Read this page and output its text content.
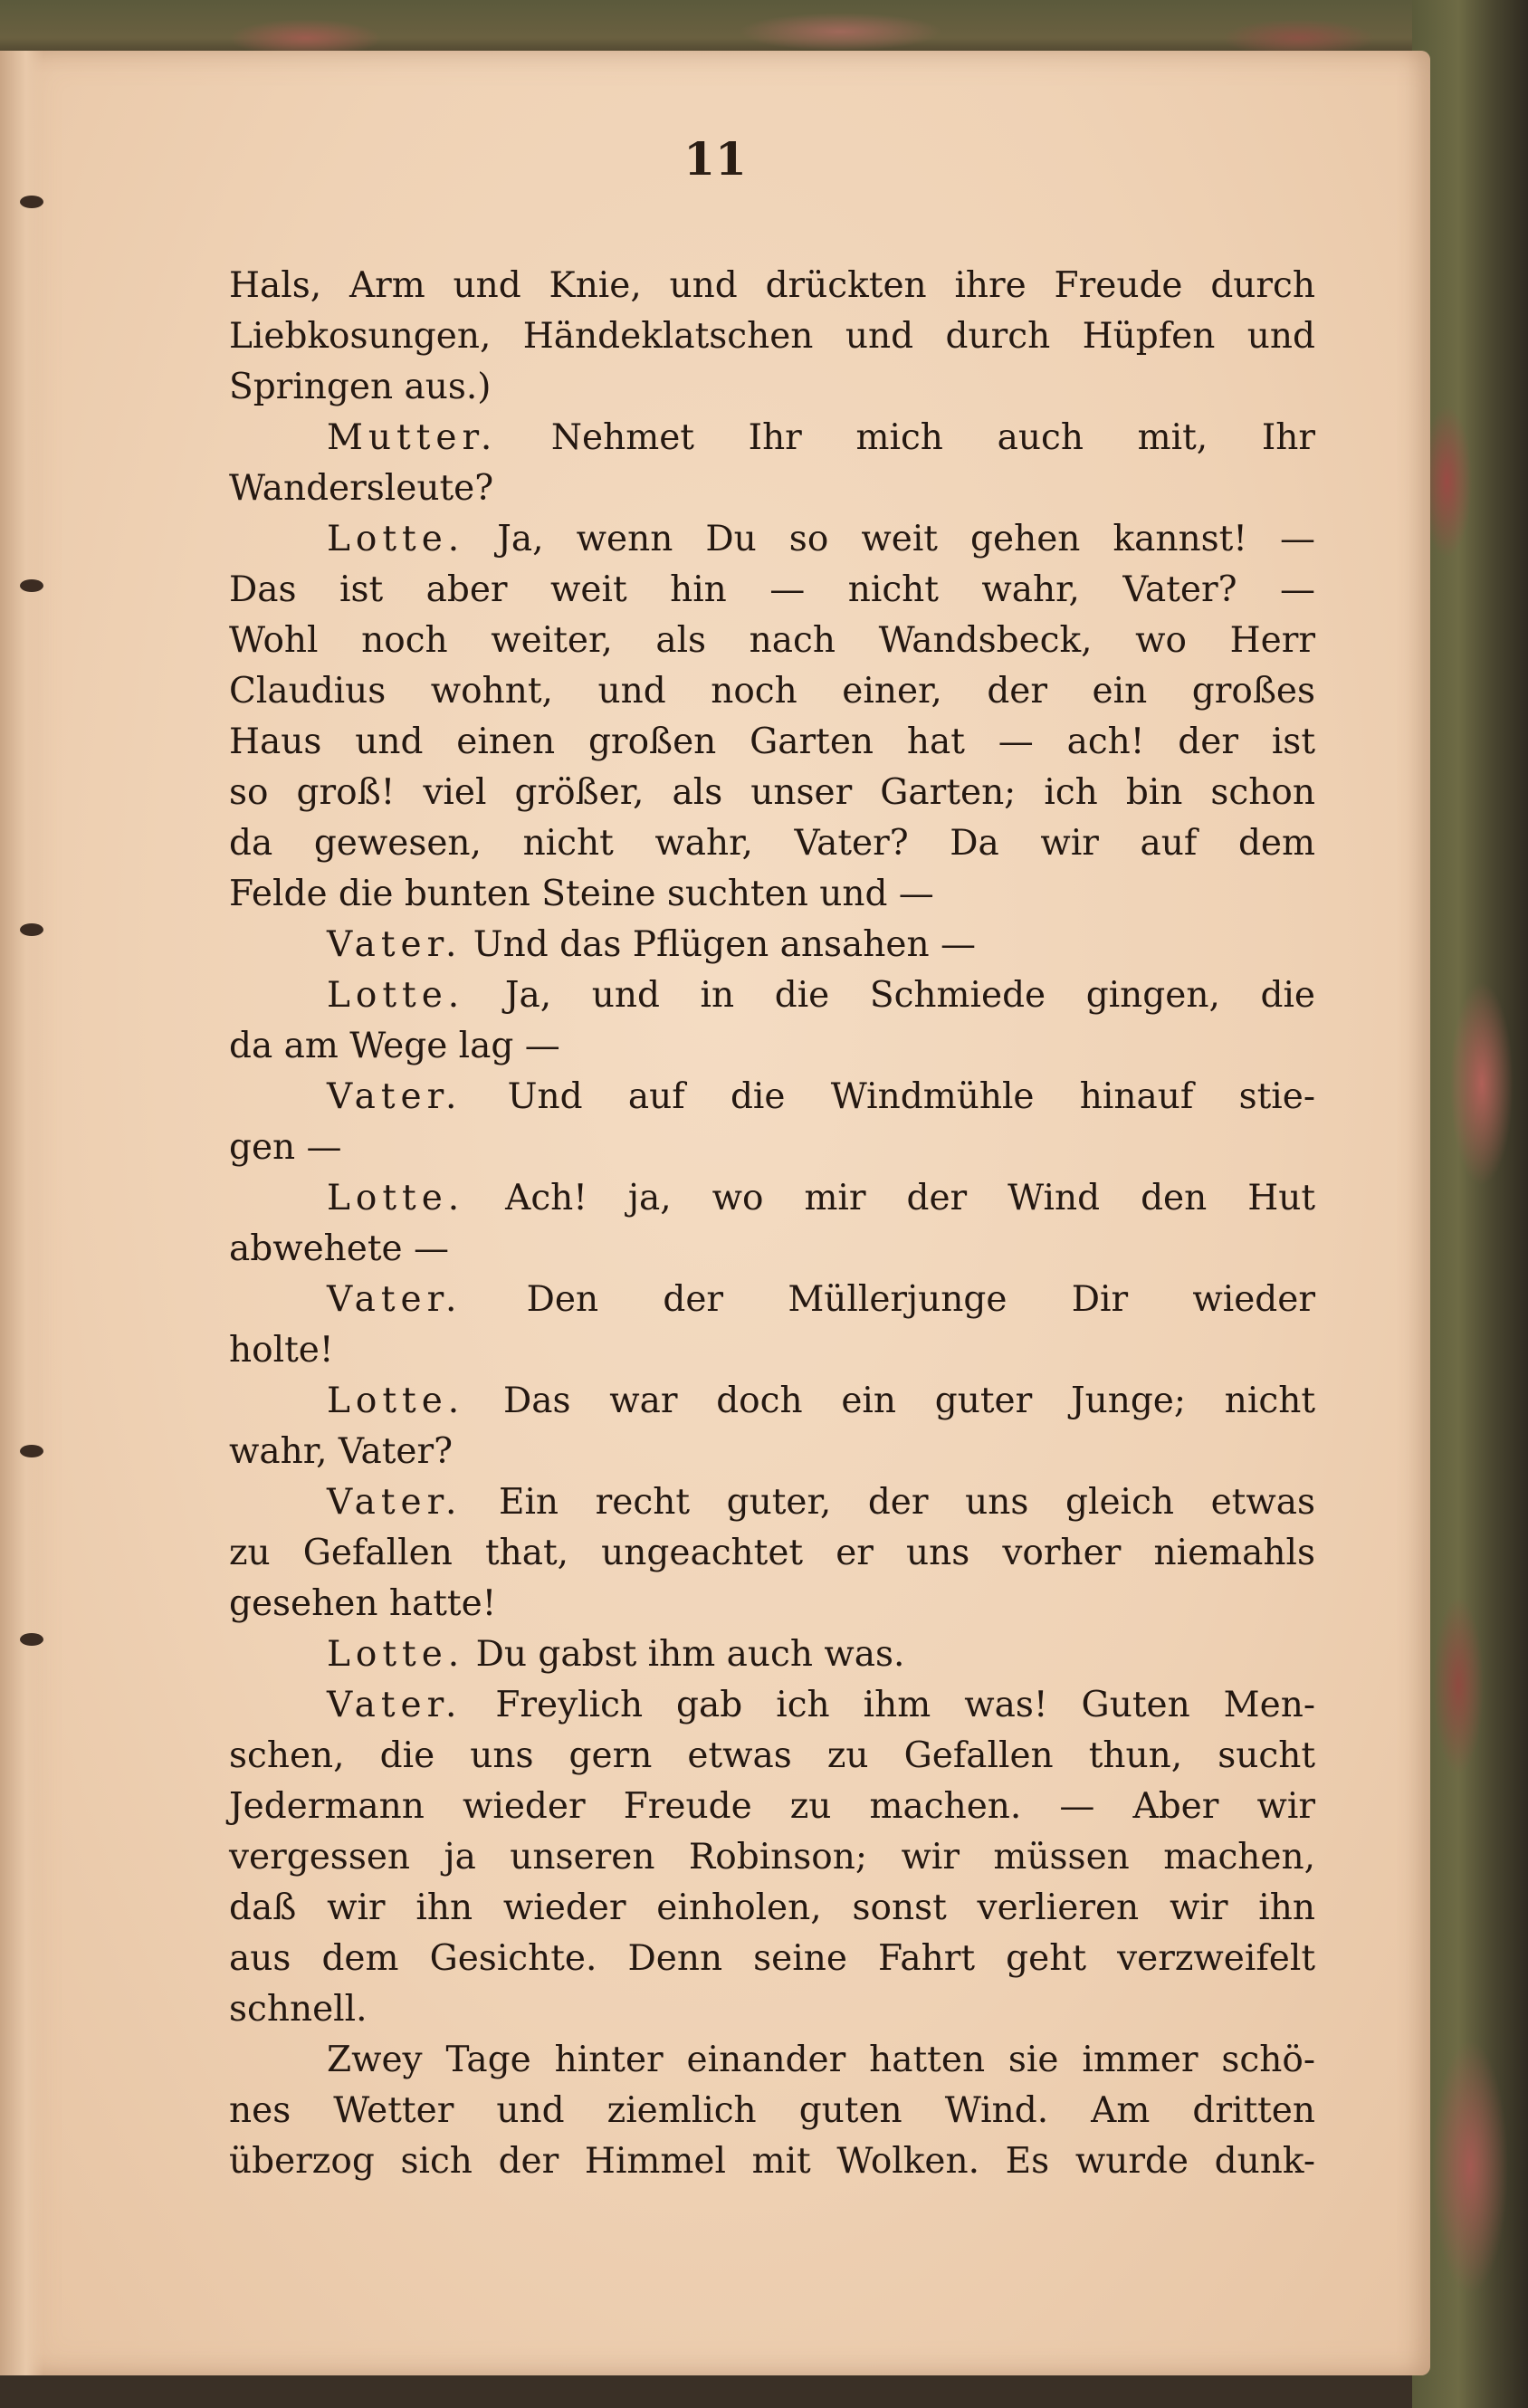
11
Hals, Arm und Knie, und drückten ihre Freude durch
Liebkosungen, Händeklatschen und durch Hüpfen und
Springen aus.)
Mutter. Nehmet Ihr mich auch mit, Ihr
Wandersleute?
Lotte. Ja, wenn Du so weit gehen kannst! —
Das ist aber weit hin — nicht wahr, Vater? —
Wohl noch weiter, als nach Wandsbeck, wo Herr
Claudius wohnt, und noch einer, der ein großes
Haus und einen großen Garten hat — ach! der ist
so groß! viel größer, als unser Garten; ich bin schon
da gewesen, nicht wahr, Vater? Da wir auf dem
Felde die bunten Steine suchten und —
Vater. Und das Pflügen ansahen —
Lotte. Ja, und in die Schmiede gingen, die
da am Wege lag —
Vater. Und auf die Windmühle hinauf stie-
gen —
Lotte. Ach! ja, wo mir der Wind den Hut
abwehete —
Vater. Den der Müllerjunge Dir wieder
holte!
Lotte. Das war doch ein guter Junge; nicht
wahr, Vater?
Vater. Ein recht guter, der uns gleich etwas
zu Gefallen that, ungeachtet er uns vorher niemahls
gesehen hatte!
Lotte. Du gabst ihm auch was.
Vater. Freylich gab ich ihm was! Guten Men-
schen, die uns gern etwas zu Gefallen thun, sucht
Jedermann wieder Freude zu machen. — Aber wir
vergessen ja unseren Robinson; wir müssen machen,
daß wir ihn wieder einholen, sonst verlieren wir ihn
aus dem Gesichte. Denn seine Fahrt geht verzweifelt
schnell.
Zwey Tage hinter einander hatten sie immer schö-
nes Wetter und ziemlich guten Wind. Am dritten
überzog sich der Himmel mit Wolken. Es wurde dunk-
